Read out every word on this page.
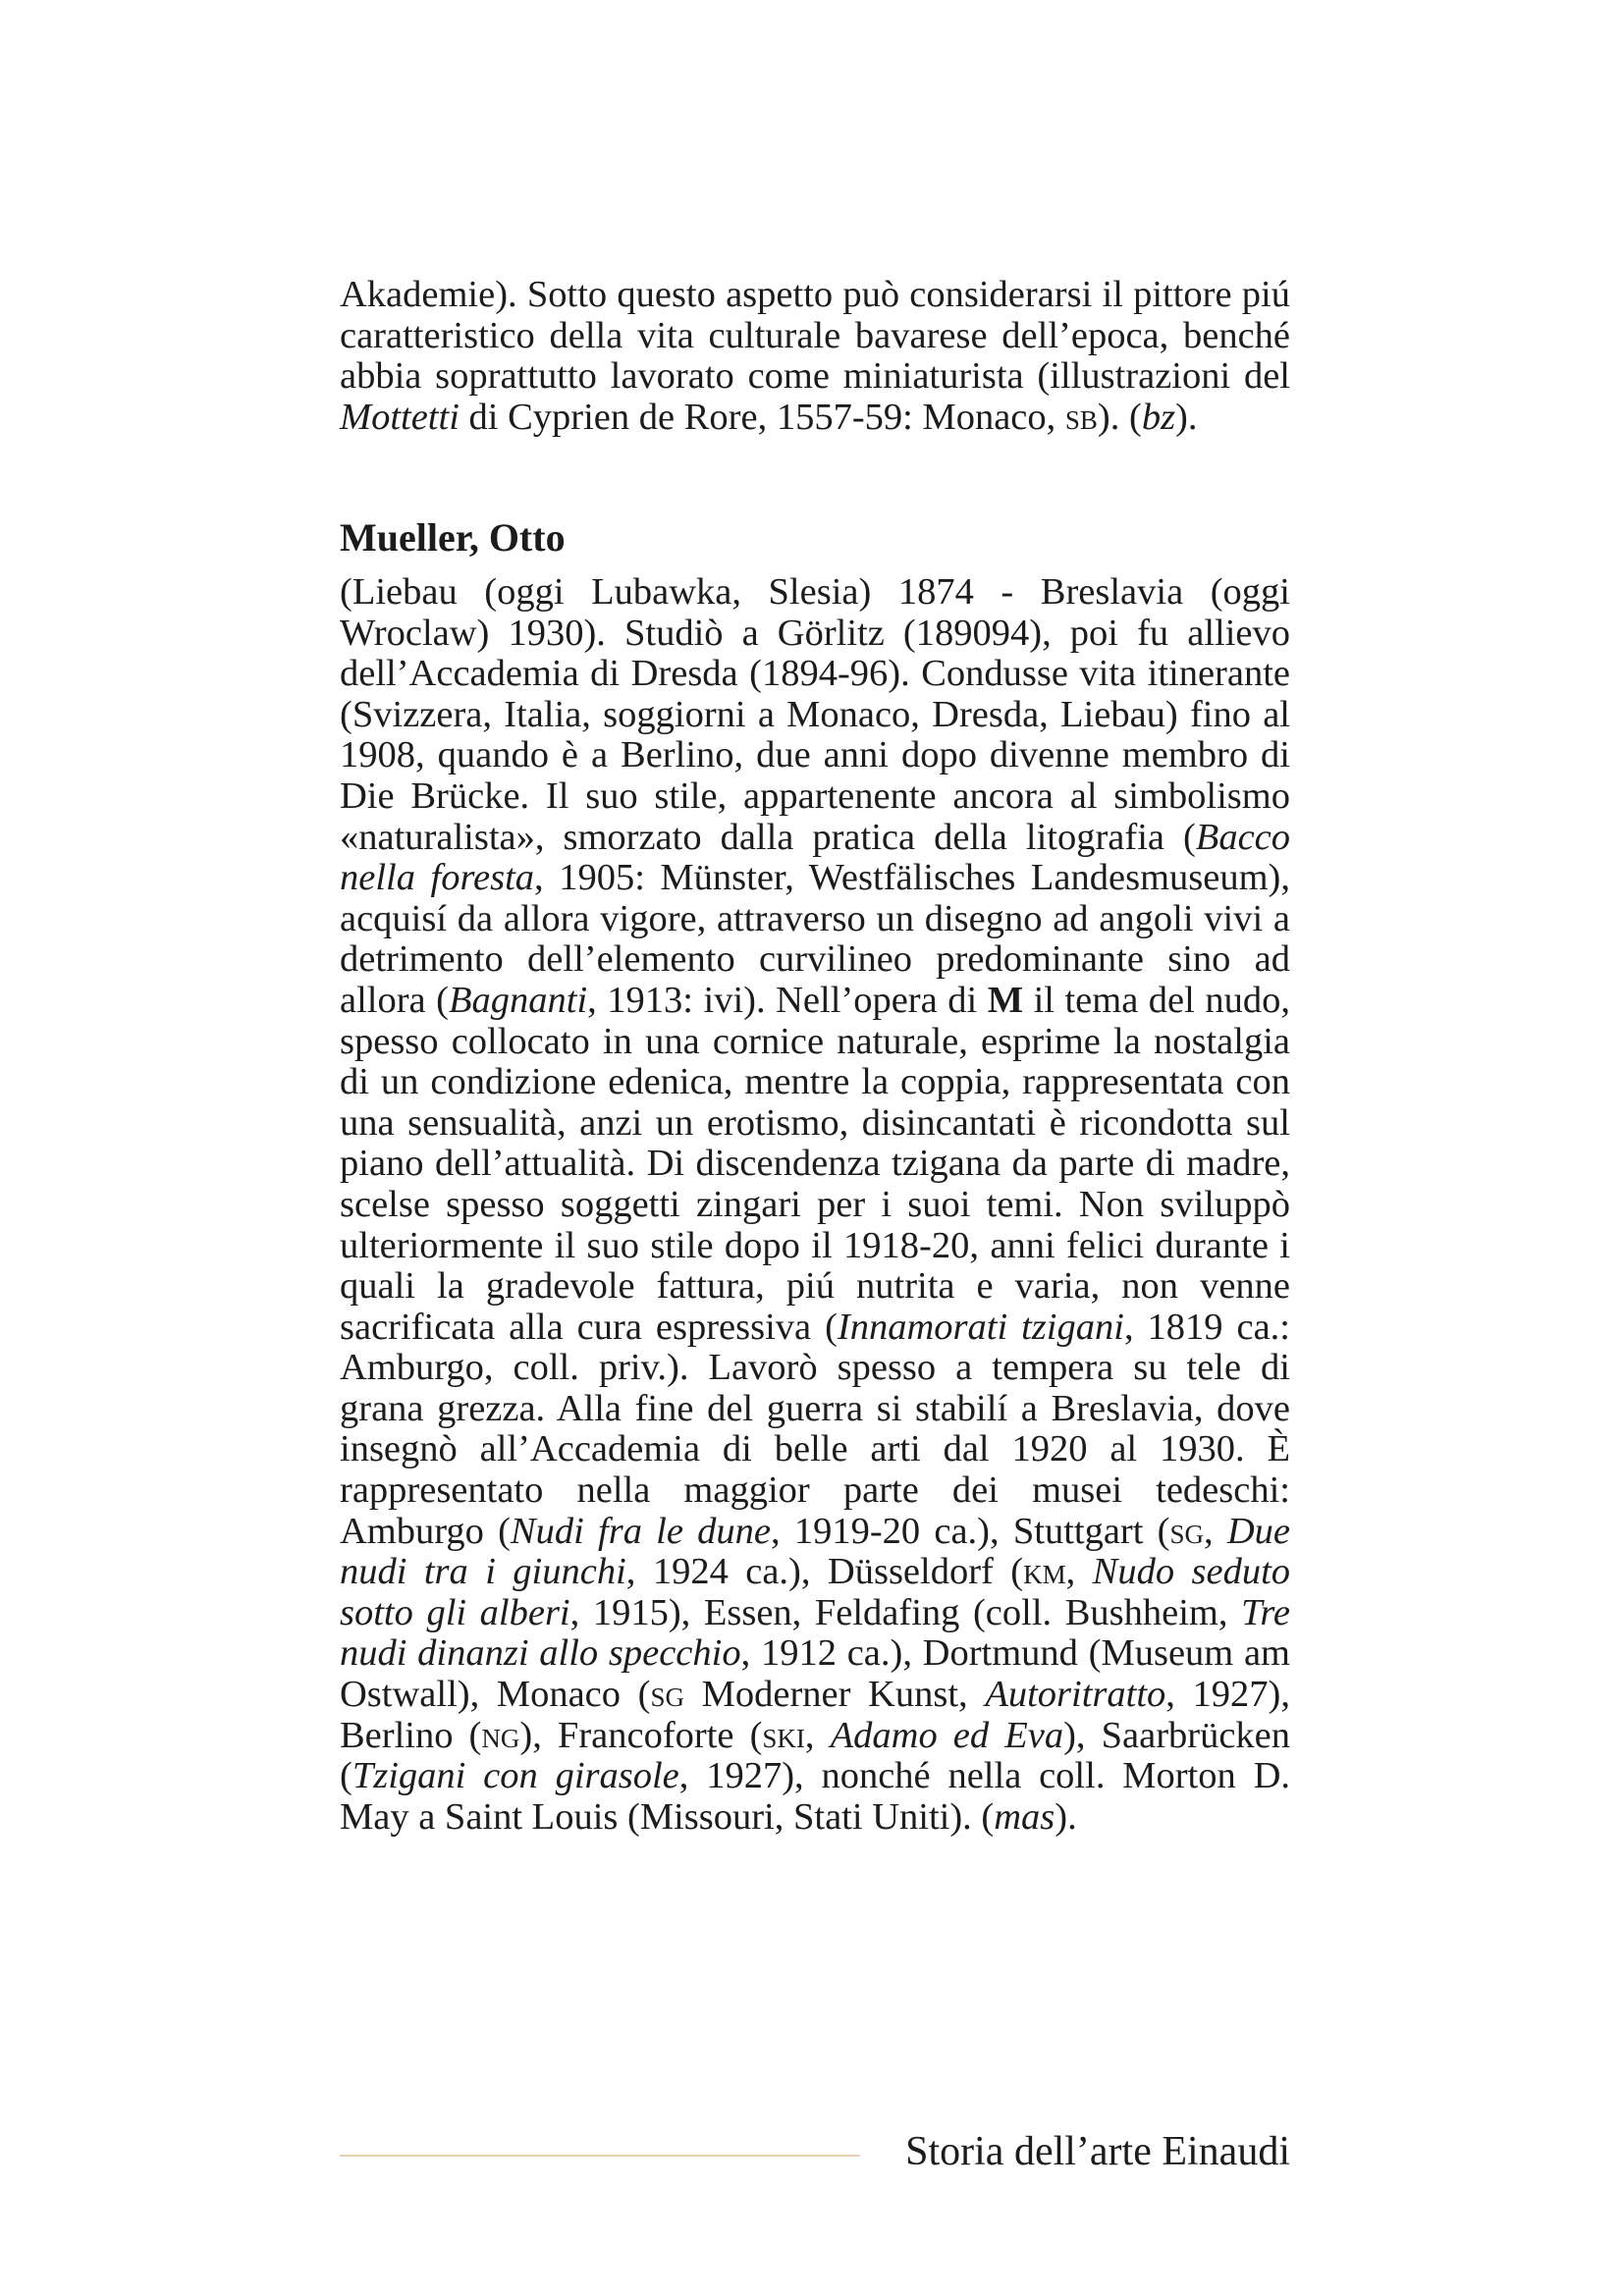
Akademie). Sotto questo aspetto può considerarsi il pittore piú caratteristico della vita culturale bavarese dell’epoca, benché abbia soprattutto lavorato come miniaturista (illustrazioni del Mottetti di Cyprien de Rore, 1557-59: Monaco, sb). (bz).

Mueller, Otto

(Liebau (oggi Lubawka, Slesia) 1874 - Breslavia (oggi Wroclaw) 1930). Studiò a Görlitz (189094), poi fu allievo dell’Accademia di Dresda (1894-96). Condusse vita itinerante (Svizzera, Italia, soggiorni a Monaco, Dresda, Liebau) fino al 1908, quando è a Berlino, due anni dopo divenne membro di Die Brücke. Il suo stile, appartenente ancora al simbolismo «naturalista», smorzato dalla pratica della litografia (Bacco nella foresta, 1905: Münster, Westfälisches Landesmuseum), acquisí da allora vigore, attraverso un disegno ad angoli vivi a detrimento dell’elemento curvilineo predominante sino ad allora (Bagnanti, 1913: ivi). Nell’opera di M il tema del nudo, spesso collocato in una cornice naturale, esprime la nostalgia di un condizione edenica, mentre la coppia, rappresentata con una sensualità, anzi un erotismo, disincantati è ricondotta sul piano dell’attualità. Di discendenza tzigana da parte di madre, scelse spesso soggetti zingari per i suoi temi. Non sviluppò ulteriormente il suo stile dopo il 1918-20, anni felici durante i quali la gradevole fattura, piú nutrita e varia, non venne sacrificata alla cura espressiva (Innamorati tzigani, 1819 ca.: Amburgo, coll. priv.). Lavorò spesso a tempera su tele di grana grezza. Alla fine del guerra si stabilí a Breslavia, dove insegnò all’Accademia di belle arti dal 1920 al 1930. È rappresentato nella maggior parte dei musei tedeschi: Amburgo (Nudi fra le dune, 1919-20 ca.), Stuttgart (sg, Due nudi tra i giunchi, 1924 ca.), Düsseldorf (km, Nudo seduto sotto gli alberi, 1915), Essen, Feldafing (coll. Bushheim, Tre nudi dinanzi allo specchio, 1912 ca.), Dortmund (Museum am Ostwall), Monaco (sg Moderner Kunst, Autoritratto, 1927), Berlino (ng), Francoforte (ski, Adamo ed Eva), Saarbrücken (Tzigani con girasole, 1927), nonché nella coll. Morton D. May a Saint Louis (Missouri, Stati Uniti). (mas).

Storia dell’arte Einaudi
